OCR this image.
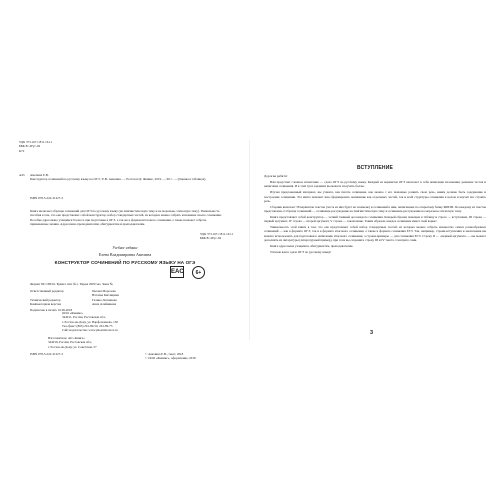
УДК 373.167.1:811.161.1
ББК 81.2Рус-92
К72
А43 Амелина Е.В.
Конструктор сочинений по русскому языку на ОГЭ / Е.В. Амелина. — Ростов н/Д: Феникс, 2019. — 90 с. — (Оценка в таблицах).
ISBN 978-5-222-31227-3
Книга включает образцы сочинений для ОГЭ по русскому языку (на лингвистическую тему и на морально-этическую тему). Уникальность пособия в том, что оно представляет собой конструктор, набор стандартных частей, из которых можно собрать изложение своего сочинения. Пособие адресовано учащимся 9 класса при подготовке к ОГЭ, а так же к формам итогового сочинения, а также поможет собрать примененные знания. Адресовано преподавателям, абитуриентам и преподавателям.
УДК 373.167.1:811.161.1
ББК 81.2Рус-92
Учебное издание
Елена Владимировна Амелина
КОНСТРУКТОР СОЧИНЕНИЙ ПО РУССКОМУ ЯЗЫКУ НА ОГЭ
EAC	6+
Формат 84×108/16. Бумага тип. №1. Тираж 2000 экз. Заказ №
Ответственный редактор	Оксана Морозова
Наталья Кислицина
Технический редактор	Галина Логвинова
Компьютерная верстка	Анна Алейникова
Подписано в печать 10.09.2018
ООО «Феникс»
344011, Россия, Ростовская обл.,
г. Ростов-на-Дону, ул. Варфоломеева, 150
Тел./факс: (863) 261-89-50, 261-89-75
Сайт издательства: www.phoenixrostov.ru
Изготовитель: АО «Книга»
344019, Россия, Ростовская обл.,
г. Ростов-на-Дону, ул. Советская, 57
ISBN 978-5-222-31227-3	© Амелина Е.В., текст, 2018
© ООО «Феникс», оформление, 2018
ВСТУПЛЕНИЕ
Дорогие ребята!

Вам предстоит сложное испытание — сдача ОГЭ по русскому языку. Каждый из вариантов ОГЭ включает в себя написание изложения, решение тестов и написание сочинения. И в этих трех заданиях вы можете получить баллы.

Изучая предложенный материал, вы узнаете, как писать сочинение, как можно с его помощью развить свою речь, каким должно быть содержание и построение сочинения. Эта книга поможет вам сформировать понимание как отдельных частей, так и всей структуры сочинения в целом и научит вас строить речь.

Сборник включает 58 вариантов текстов (часть из них будет на экзамене) и сочинений к ним, написанных по открытому банку ФИПИ. По каждому из текстов представлено 2 образца сочинений — сочинение-рассуждение на лингвистическую тему и сочинение-рассуждение на морально-этическую тему.

Книга представляет собой конструктор — четкий главный дел каждого сочинения. Каждый образец помещен в таблицу и строго — вступление, III строка — первый аргумент, IV строка — второй аргумент, V строка — заключение. Таким образом, каждое сочинение имеет свой каркас.

Уникальность этой книги в том, что она представляет собой набор стандартных частей, из которых можно собрать множество самых разнообразных сочинений — как в формате ОГЭ, так и в формате итогового сочинения, а также в формате сочинения ЕГЭ. Так, например, строки-вступления и заключения вы можете использовать для подготовки к написанию итогового сочинения, а строки-примеры — для сочинения ЕГЭ. Строку II — «первый аргумент» — вы можете дополнить из литературы (литературный пример), при этом вы сохраните строку III и IV текста. Смотрите сами.

Книга адресована учащимся, абитуриентам, преподавателям.

Успехов вам в сдаче ОГЭ по русскому языку!

3
